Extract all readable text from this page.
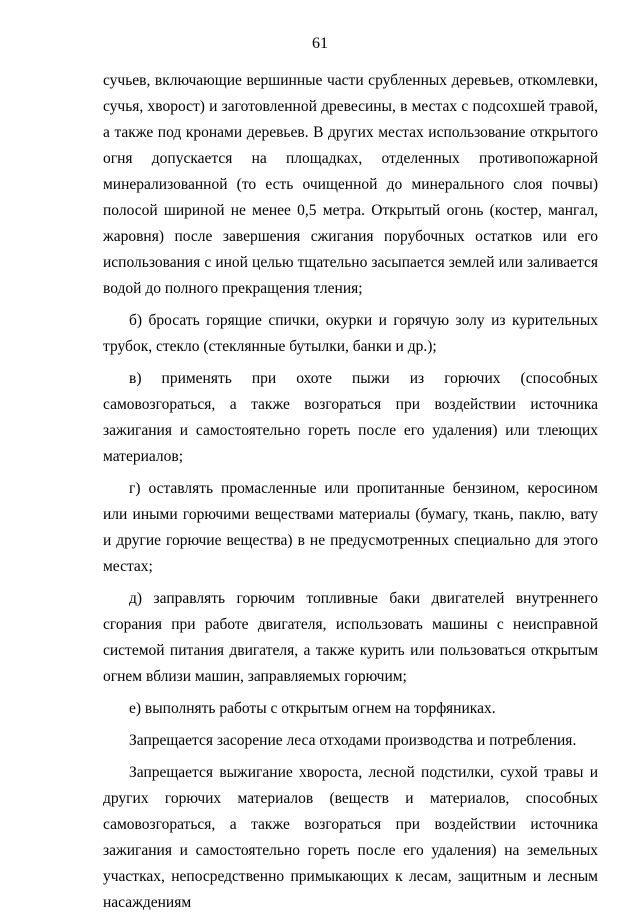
61

сучьев, включающие вершинные части срубленных деревьев, откомлевки, сучья, хворост) и заготовленной древесины, в местах с подсохшей травой, а также под кронами деревьев. В других местах использование открытого огня допускается на площадках, отделенных противопожарной минерализованной (то есть очищенной до минерального слоя почвы) полосой шириной не менее 0,5 метра. Открытый огонь (костер, мангал, жаровня) после завершения сжигания порубочных остатков или его использования с иной целью тщательно засыпается землей или заливается водой до полного прекращения тления;

б) бросать горящие спички, окурки и горячую золу из курительных трубок, стекло (стеклянные бутылки, банки и др.);

в) применять при охоте пыжи из горючих (способных самовозгораться, а также возгораться при воздействии источника зажигания и самостоятельно гореть после его удаления) или тлеющих материалов;

г) оставлять промасленные или пропитанные бензином, керосином или иными горючими веществами материалы (бумагу, ткань, паклю, вату и другие горючие вещества) в не предусмотренных специально для этого местах;

д) заправлять горючим топливные баки двигателей внутреннего сгорания при работе двигателя, использовать машины с неисправной системой питания двигателя, а также курить или пользоваться открытым огнем вблизи машин, заправляемых горючим;

е) выполнять работы с открытым огнем на торфяниках.

Запрещается засорение леса отходами производства и потребления.

Запрещается выжигание хвороста, лесной подстилки, сухой травы и других горючих материалов (веществ и материалов, способных самовозгораться, а также возгораться при воздействии источника зажигания и самостоятельно гореть после его удаления) на земельных участках, непосредственно примыкающих к лесам, защитным и лесным насаждениям
